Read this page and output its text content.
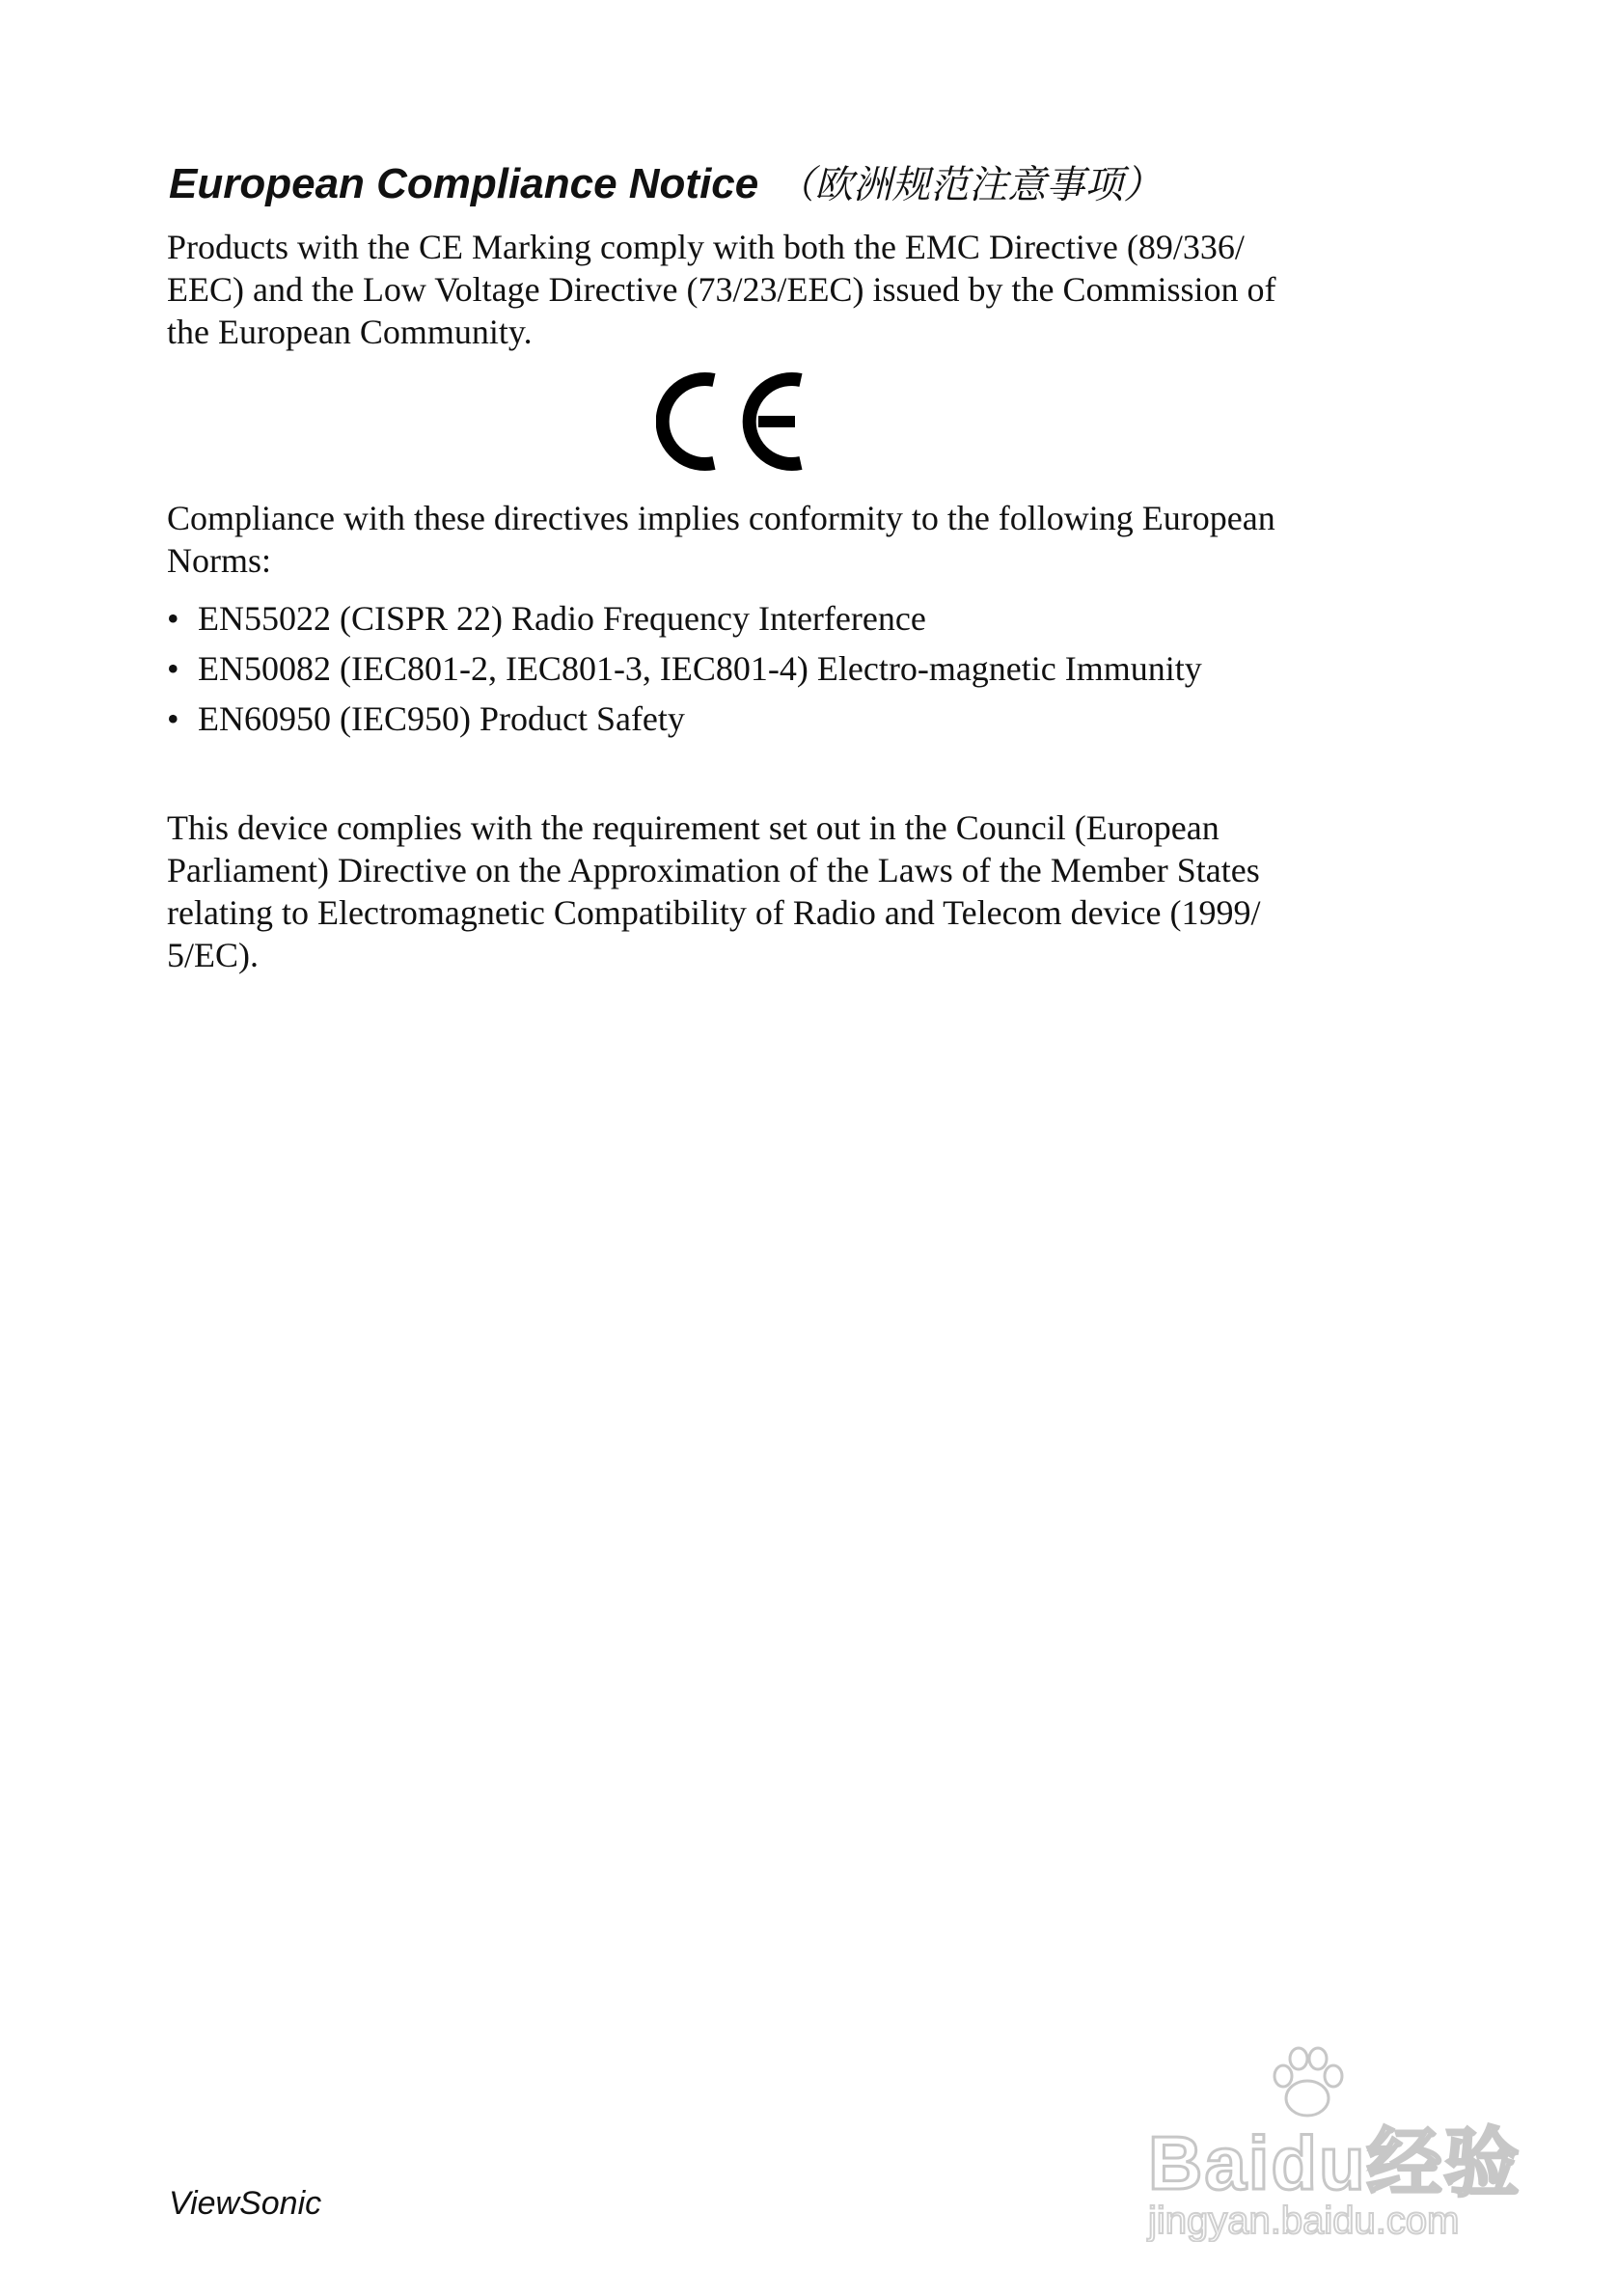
European Compliance Notice （欧洲规范注意事项）

Products with the CE Marking comply with both the EMC Directive (89/336/
EEC) and the Low Voltage Directive (73/23/EEC) issued by the Commission of
the European Community.

Compliance with these directives implies conformity to the following European
Norms:

• EN55022 (CISPR 22) Radio Frequency Interference
• EN50082 (IEC801-2, IEC801-3, IEC801-4) Electro-magnetic Immunity
• EN60950 (IEC950) Product Safety

This device complies with the requirement set out in the Council (European
Parliament) Directive on the Approximation of the Laws of the Member States
relating to Electromagnetic Compatibility of Radio and Telecom device (1999/
5/EC).

ViewSonic	Baidu经验
jingyan.baidu.com
